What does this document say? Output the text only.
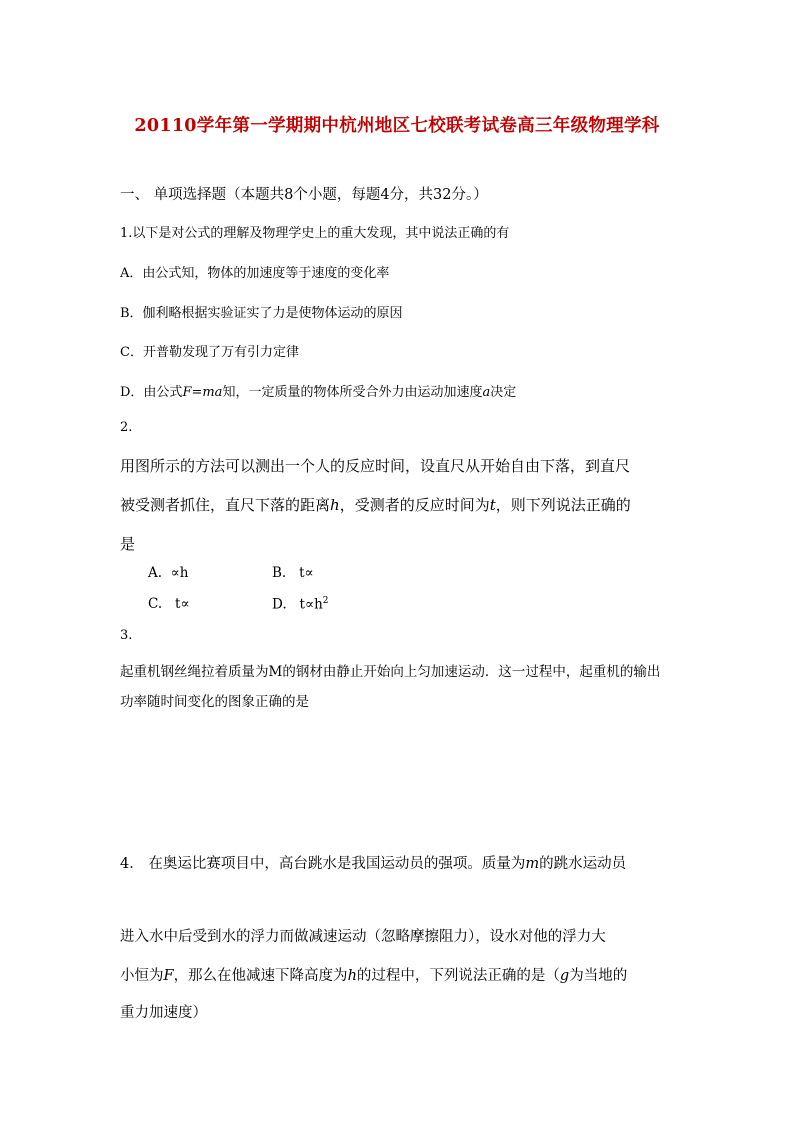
20110学年第一学期期中杭州地区七校联考试卷高三年级物理学科
一、 单项选择题（本题共8个小题，每题4分，共32分。）
1.以下是对公式的理解及物理学史上的重大发现，其中说法正确的有
A．由公式知，物体的加速度等于速度的变化率
B．伽利略根据实验证实了力是使物体运动的原因
C．开普勒发现了万有引力定律
D．由公式F=ma知，一定质量的物体所受合外力由运动加速度a决定
2.
用图所示的方法可以测出一个人的反应时间，设直尺从开始自由下落，到直尺
被受测者抓住，直尺下落的距离h，受测者的反应时间为t，则下列说法正确的
是
A. ∝h	B. t∝
C. t∝	D. $t\propto h^2$
3.
起重机钢丝绳拉着质量为M的钢材由静止开始向上匀加速运动．这一过程中，起重机的输出
功率随时间变化的图象正确的是
4． 在奥运比赛项目中，高台跳水是我国运动员的强项。质量为m的跳水运动员
进入水中后受到水的浮力而做减速运动（忽略摩擦阻力），设水对他的浮力大
小恒为F，那么在他减速下降高度为h的过程中，下列说法正确的是（g为当地的
重力加速度）
